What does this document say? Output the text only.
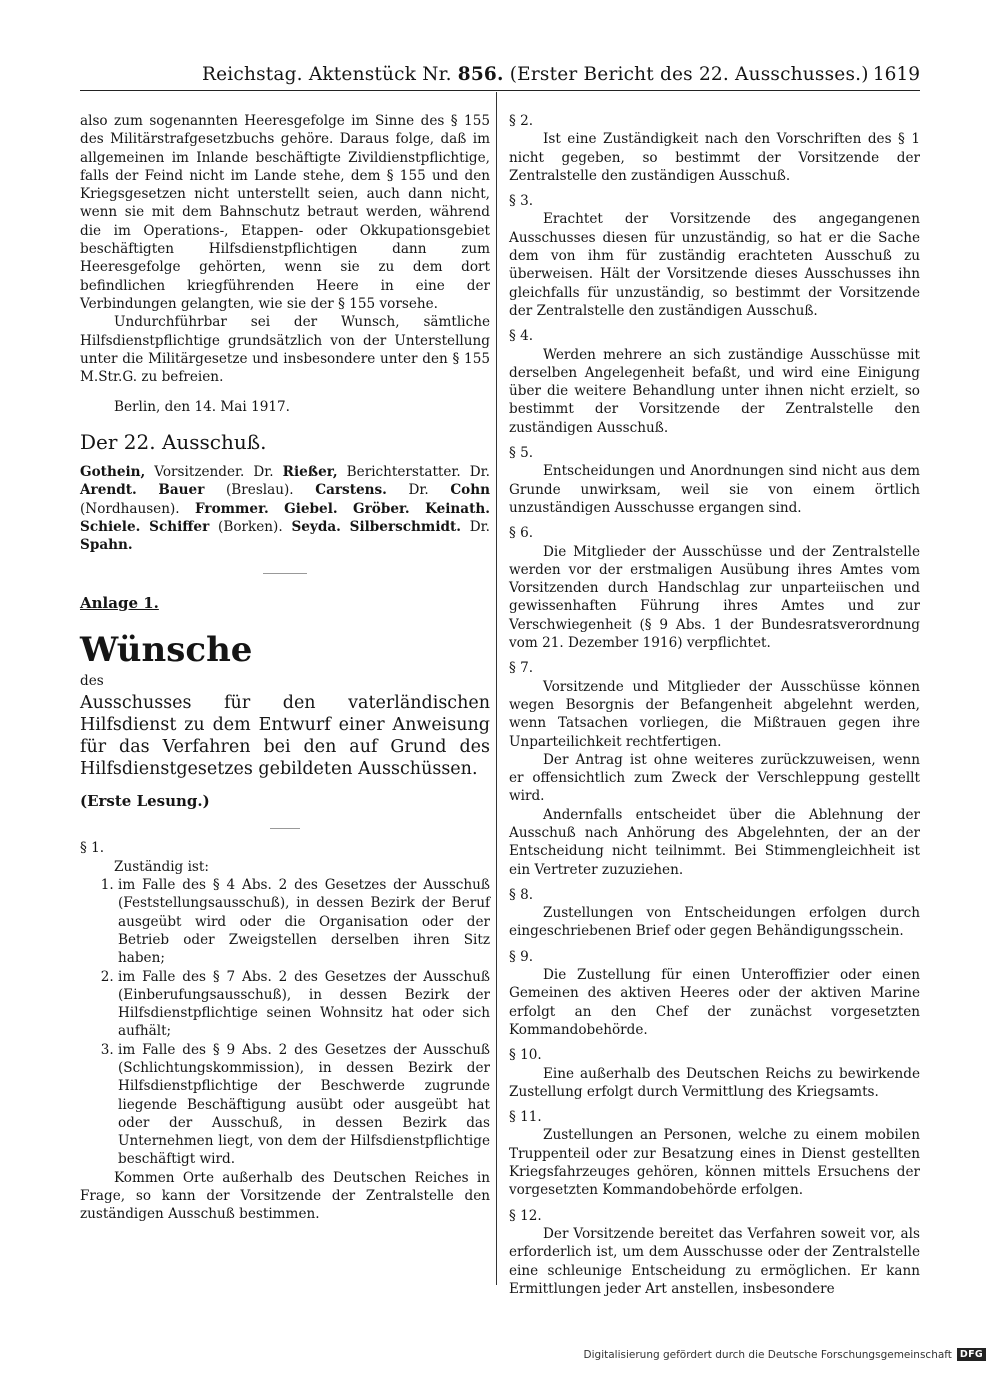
Reichstag. Aktenstück Nr. 856. (Erster Bericht des 22. Ausschusses.) 1619

also zum sogenannten Heeresgefolge im Sinne des § 155 des Militärstrafgesetzbuchs gehöre. Daraus folge, daß im allgemeinen im Inlande beschäftigte Zivildienstpflichtige, falls der Feind nicht im Lande stehe, dem § 155 und den Kriegsgesetzen nicht unterstellt seien, auch dann nicht, wenn sie mit dem Bahnschutz betraut werden, während die im Operations-, Etappen- oder Okkupationsgebiet beschäftigten Hilfsdienstpflichtigen dann zum Heeresgefolge gehörten, wenn sie zu dem dort befindlichen kriegführenden Heere in eine der Verbindungen gelangten, wie sie der § 155 vorsehe.

Undurchführbar sei der Wunsch, sämtliche Hilfsdienstpflichtige grundsätzlich von der Unterstellung unter die Militärgesetze und insbesondere unter den § 155 M.Str.G. zu befreien.

Berlin, den 14. Mai 1917.

Der 22. Ausschuß.

Gothein, Vorsitzender. Dr. Rießer, Berichterstatter. Dr. Arendt. Bauer (Breslau). Carstens. Dr. Cohn (Nordhausen). Frommer. Giebel. Gröber. Keinath. Schiele. Schiffer (Borken). Seyda. Silberschmidt. Dr. Spahn.

Anlage 1.

Wünsche

des

Ausschusses für den vaterländischen Hilfsdienst zu dem Entwurf einer Anweisung für das Verfahren bei den auf Grund des Hilfsdienstgesetzes gebildeten Ausschüssen.

(Erste Lesung.)

§ 1.

Zuständig ist:

1. im Falle des § 4 Abs. 2 des Gesetzes der Ausschuß (Feststellungsausschuß), in dessen Bezirk der Beruf ausgeübt wird oder die Organisation oder der Betrieb oder Zweigstellen derselben ihren Sitz haben;
2. im Falle des § 7 Abs. 2 des Gesetzes der Ausschuß (Einberufungsausschuß), in dessen Bezirk der Hilfsdienstpflichtige seinen Wohnsitz hat oder sich aufhält;
3. im Falle des § 9 Abs. 2 des Gesetzes der Ausschuß (Schlichtungskommission), in dessen Bezirk der Hilfsdienstpflichtige der Beschwerde zugrunde liegende Beschäftigung ausübt oder ausgeübt hat oder der Ausschuß, in dessen Bezirk das Unternehmen liegt, von dem der Hilfsdienstpflichtige beschäftigt wird.

Kommen Orte außerhalb des Deutschen Reiches in Frage, so kann der Vorsitzende der Zentralstelle den zuständigen Ausschuß bestimmen.

§ 2.

Ist eine Zuständigkeit nach den Vorschriften des § 1 nicht gegeben, so bestimmt der Vorsitzende der Zentralstelle den zuständigen Ausschuß.

§ 3.

Erachtet der Vorsitzende des angegangenen Ausschusses diesen für unzuständig, so hat er die Sache dem von ihm für zuständig erachteten Ausschuß zu überweisen. Hält der Vorsitzende dieses Ausschusses ihn gleichfalls für unzuständig, so bestimmt der Vorsitzende der Zentralstelle den zuständigen Ausschuß.

§ 4.

Werden mehrere an sich zuständige Ausschüsse mit derselben Angelegenheit befaßt, und wird eine Einigung über die weitere Behandlung unter ihnen nicht erzielt, so bestimmt der Vorsitzende der Zentralstelle den zuständigen Ausschuß.

§ 5.

Entscheidungen und Anordnungen sind nicht aus dem Grunde unwirksam, weil sie von einem örtlich unzuständigen Ausschusse ergangen sind.

§ 6.

Die Mitglieder der Ausschüsse und der Zentralstelle werden vor der erstmaligen Ausübung ihres Amtes vom Vorsitzenden durch Handschlag zur unparteiischen und gewissenhaften Führung ihres Amtes und zur Verschwiegenheit (§ 9 Abs. 1 der Bundesratsverordnung vom 21. Dezember 1916) verpflichtet.

§ 7.

Vorsitzende und Mitglieder der Ausschüsse können wegen Besorgnis der Befangenheit abgelehnt werden, wenn Tatsachen vorliegen, die Mißtrauen gegen ihre Unparteilichkeit rechtfertigen.

Der Antrag ist ohne weiteres zurückzuweisen, wenn er offensichtlich zum Zweck der Verschleppung gestellt wird.

Andernfalls entscheidet über die Ablehnung der Ausschuß nach Anhörung des Abgelehnten, der an der Entscheidung nicht teilnimmt. Bei Stimmengleichheit ist ein Vertreter zuzuziehen.

§ 8.

Zustellungen von Entscheidungen erfolgen durch eingeschriebenen Brief oder gegen Behändigungsschein.

§ 9.

Die Zustellung für einen Unteroffizier oder einen Gemeinen des aktiven Heeres oder der aktiven Marine erfolgt an den Chef der zunächst vorgesetzten Kommandobehörde.

§ 10.

Eine außerhalb des Deutschen Reichs zu bewirkende Zustellung erfolgt durch Vermittlung des Kriegsamts.

§ 11.

Zustellungen an Personen, welche zu einem mobilen Truppenteil oder zur Besatzung eines in Dienst gestellten Kriegsfahrzeuges gehören, können mittels Ersuchens der vorgesetzten Kommandobehörde erfolgen.

§ 12.

Der Vorsitzende bereitet das Verfahren soweit vor, als erforderlich ist, um dem Ausschusse oder der Zentralstelle eine schleunige Entscheidung zu ermöglichen. Er kann Ermittlungen jeder Art anstellen, insbesondere

Digitalisierung gefördert durch die Deutsche Forschungsgemeinschaft DFG
